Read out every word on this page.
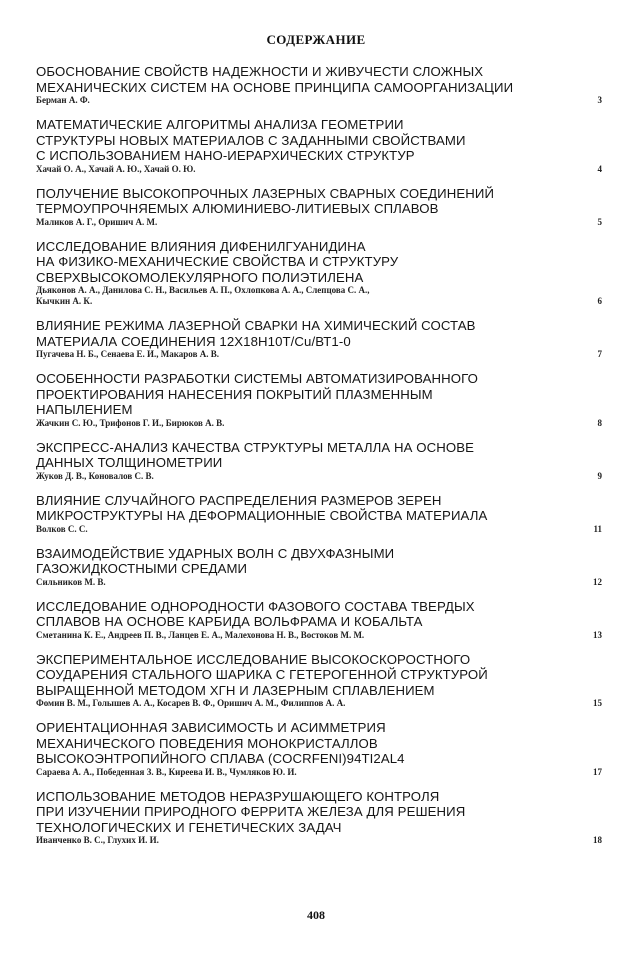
СОДЕРЖАНИЕ
ОБОСНОВАНИЕ СВОЙСТВ НАДЕЖНОСТИ И ЖИВУЧЕСТИ СЛОЖНЫХ
МЕХАНИЧЕСКИХ СИСТЕМ НА ОСНОВЕ ПРИНЦИПА САМООРГАНИЗАЦИИ
Берман А. Ф.	3
МАТЕМАТИЧЕСКИЕ АЛГОРИТМЫ АНАЛИЗА ГЕОМЕТРИИ
СТРУКТУРЫ НОВЫХ МАТЕРИАЛОВ С ЗАДАННЫМИ СВОЙСТВАМИ
С ИСПОЛЬЗОВАНИЕМ НАНО-ИЕРАРХИЧЕСКИХ СТРУКТУР
Хачай О. А., Хачай А. Ю., Хачай О. Ю.	4
ПОЛУЧЕНИЕ ВЫСОКОПРОЧНЫХ ЛАЗЕРНЫХ СВАРНЫХ СОЕДИНЕНИЙ
ТЕРМОУПРОЧНЯЕМЫХ АЛЮМИНИЕВО-ЛИТИЕВЫХ СПЛАВОВ
Маликов А. Г., Оришич А. М.	5
ИССЛЕДОВАНИЕ ВЛИЯНИЯ ДИФЕНИЛГУАНИДИНА
НА ФИЗИКО-МЕХАНИЧЕСКИЕ СВОЙСТВА И СТРУКТУРУ
СВЕРХВЫСОКОМОЛЕКУЛЯРНОГО ПОЛИЭТИЛЕНА
Дьяконов А. А., Данилова С. Н., Васильев А. П., Охлопкова А. А., Слепцова С. А.,
Кычкин А. К.	6
ВЛИЯНИЕ РЕЖИМА ЛАЗЕРНОЙ СВАРКИ НА ХИМИЧЕСКИЙ СОСТАВ
МАТЕРИАЛА СОЕДИНЕНИЯ 12Х18Н10Т/Cu/ВТ1-0
Пугачева Н. Б., Сенаева Е. И., Макаров А. В.	7
ОСОБЕННОСТИ РАЗРАБОТКИ СИСТЕМЫ АВТОМАТИЗИРОВАННОГО
ПРОЕКТИРОВАНИЯ НАНЕСЕНИЯ ПОКРЫТИЙ ПЛАЗМЕННЫМ
НАПЫЛЕНИЕМ
Жачкин С. Ю., Трифонов Г. И., Бирюков А. В.	8
ЭКСПРЕСС-АНАЛИЗ КАЧЕСТВА СТРУКТУРЫ МЕТАЛЛА НА ОСНОВЕ
ДАННЫХ ТОЛЩИНОМЕТРИИ
Жуков Д. В., Коновалов С. В.	9
ВЛИЯНИЕ СЛУЧАЙНОГО РАСПРЕДЕЛЕНИЯ РАЗМЕРОВ ЗЕРЕН
МИКРОСТРУКТУРЫ НА ДЕФОРМАЦИОННЫЕ СВОЙСТВА МАТЕРИАЛА
Волков С. С.	11
ВЗАИМОДЕЙСТВИЕ УДАРНЫХ ВОЛН С ДВУХФАЗНЫМИ
ГАЗОЖИДКОСТНЫМИ СРЕДАМИ
Сильников М. В.	12
ИССЛЕДОВАНИЕ ОДНОРОДНОСТИ ФАЗОВОГО СОСТАВА ТВЕРДЫХ
СПЛАВОВ НА ОСНОВЕ КАРБИДА ВОЛЬФРАМА И КОБАЛЬТА
Сметанина К. Е., Андреев П. В., Ланцев Е. А., Малехонова Н. В., Востоков М. М.	13
ЭКСПЕРИМЕНТАЛЬНОЕ ИССЛЕДОВАНИЕ ВЫСОКОСКОРОСТНОГО
СОУДАРЕНИЯ СТАЛЬНОГО ШАРИКА С ГЕТЕРОГЕННОЙ СТРУКТУРОЙ
ВЫРАЩЕННОЙ МЕТОДОМ ХГН И ЛАЗЕРНЫМ СПЛАВЛЕНИЕМ
Фомин В. М., Голышев А. А., Косарев В. Ф., Оришич А. М., Филиппов А. А.	15
ОРИЕНТАЦИОННАЯ ЗАВИСИМОСТЬ И АСИММЕТРИЯ
МЕХАНИЧЕСКОГО ПОВЕДЕНИЯ МОНОКРИСТАЛЛОВ
ВЫСОКОЭНТРОПИЙНОГО СПЛАВА (COCRFENI)94TI2AL4
Сараева А. А., Победенная З. В., Киреева И. В., Чумляков Ю. И.	17
ИСПОЛЬЗОВАНИЕ МЕТОДОВ НЕРАЗРУШАЮЩЕГО КОНТРОЛЯ
ПРИ ИЗУЧЕНИИ ПРИРОДНОГО ФЕРРИТА ЖЕЛЕЗА ДЛЯ РЕШЕНИЯ
ТЕХНОЛОГИЧЕСКИХ И ГЕНЕТИЧЕСКИХ ЗАДАЧ
Иванченко В. С., Глухих И. И.	18
408
